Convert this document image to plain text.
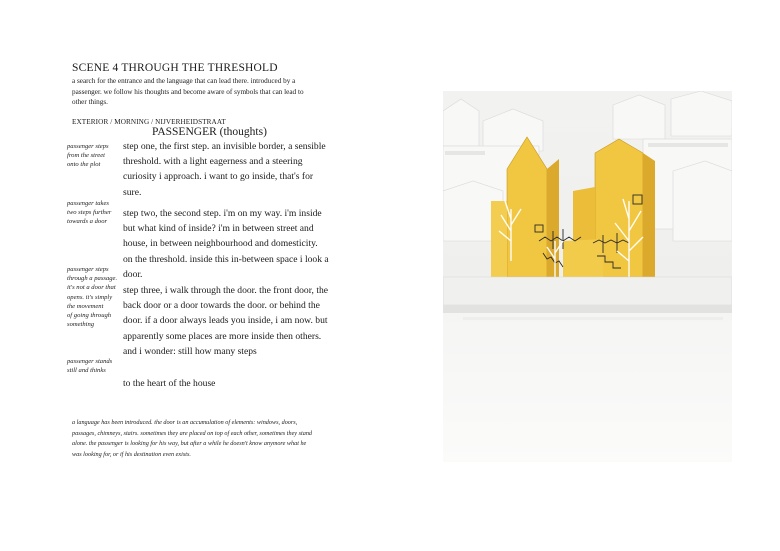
SCENE 4 THROUGH THE THRESHOLD
a search for the entrance and the language that can lead there. introduced by a
passenger. we follow his thoughts and become aware of symbols that can lead to
other things.
EXTERIOR / MORNING / NIJVERHEIDSTRAAT
PASSENGER (thoughts)
passenger steps
from the street
onto the plot
step one, the first step. an invisible border, a sensible
threshold. with a light eagerness and a steering
curiosity i approach. i want to go inside, that's for
sure.
passenger takes
two steps further
towards a door
step two, the second step. i'm on my way. i'm inside
but what kind of inside? i'm in between street and
house, in between neighbourhood and domesticity.
on the threshold. inside this in-between space i look a
door.
passenger steps
through a passage.
it's not a door that
opens. it's simply
the movement
of going through
something
step three, i walk through the door. the front door, the
back door or a door towards the door. or behind the
door. if a door always leads you inside, i am now. but
apparently some places are more inside then others.
and i wonder: still how many steps
passenger stands
still and thinks
to the heart of the house
a language has been introduced. the door is an accumulation of elements: windows, doors,
passages, chimneys, stairs. sometimes they are placed on top of each other, sometimes they stand
alone. the passenger is looking for his way, but after a while he doesn't know anymore what he
was looking for, or if his destination even exists.
